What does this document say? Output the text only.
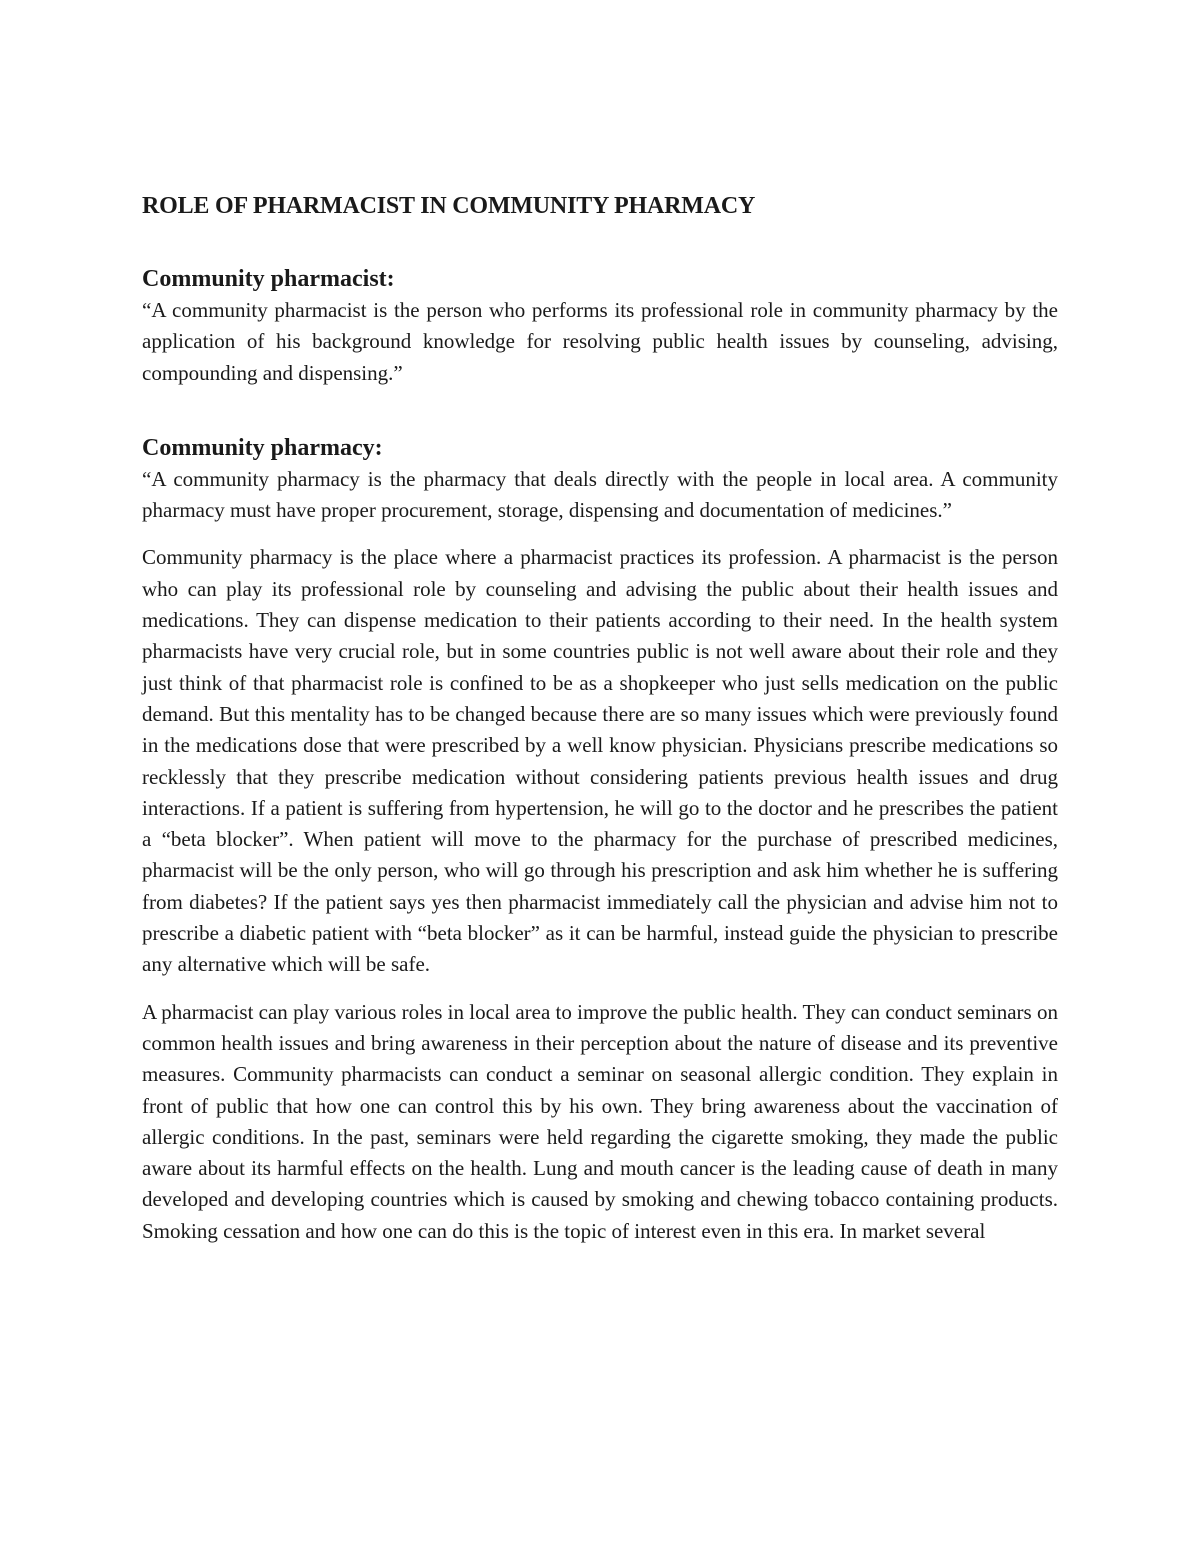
ROLE OF PHARMACIST IN COMMUNITY PHARMACY
Community pharmacist:

“A community pharmacist is the person who performs its professional role in community pharmacy by the application of his background knowledge for resolving public health issues by counseling, advising, compounding and dispensing.”

Community pharmacy:

“A community pharmacy is the pharmacy that deals directly with the people in local area. A community pharmacy must have proper procurement, storage, dispensing and documentation of medicines.”

Community pharmacy is the place where a pharmacist practices its profession. A pharmacist is the person who can play its professional role by counseling and advising the public about their health issues and medications. They can dispense medication to their patients according to their need. In the health system pharmacists have very crucial role, but in some countries public is not well aware about their role and they just think of that pharmacist role is confined to be as a shopkeeper who just sells medication on the public demand. But this mentality has to be changed because there are so many issues which were previously found in the medications dose that were prescribed by a well know physician. Physicians prescribe medications so recklessly that they prescribe medication without considering patients previous health issues and drug interactions. If a patient is suffering from hypertension, he will go to the doctor and he prescribes the patient a “beta blocker”. When patient will move to the pharmacy for the purchase of prescribed medicines, pharmacist will be the only person, who will go through his prescription and ask him whether he is suffering from diabetes? If the patient says yes then pharmacist immediately call the physician and advise him not to prescribe a diabetic patient with “beta blocker” as it can be harmful, instead guide the physician to prescribe any alternative which will be safe.

A pharmacist can play various roles in local area to improve the public health. They can conduct seminars on common health issues and bring awareness in their perception about the nature of disease and its preventive measures. Community pharmacists can conduct a seminar on seasonal allergic condition. They explain in front of public that how one can control this by his own. They bring awareness about the vaccination of allergic conditions. In the past, seminars were held regarding the cigarette smoking, they made the public aware about its harmful effects on the health. Lung and mouth cancer is the leading cause of death in many developed and developing countries which is caused by smoking and chewing tobacco containing products. Smoking cessation and how one can do this is the topic of interest even in this era. In market several
